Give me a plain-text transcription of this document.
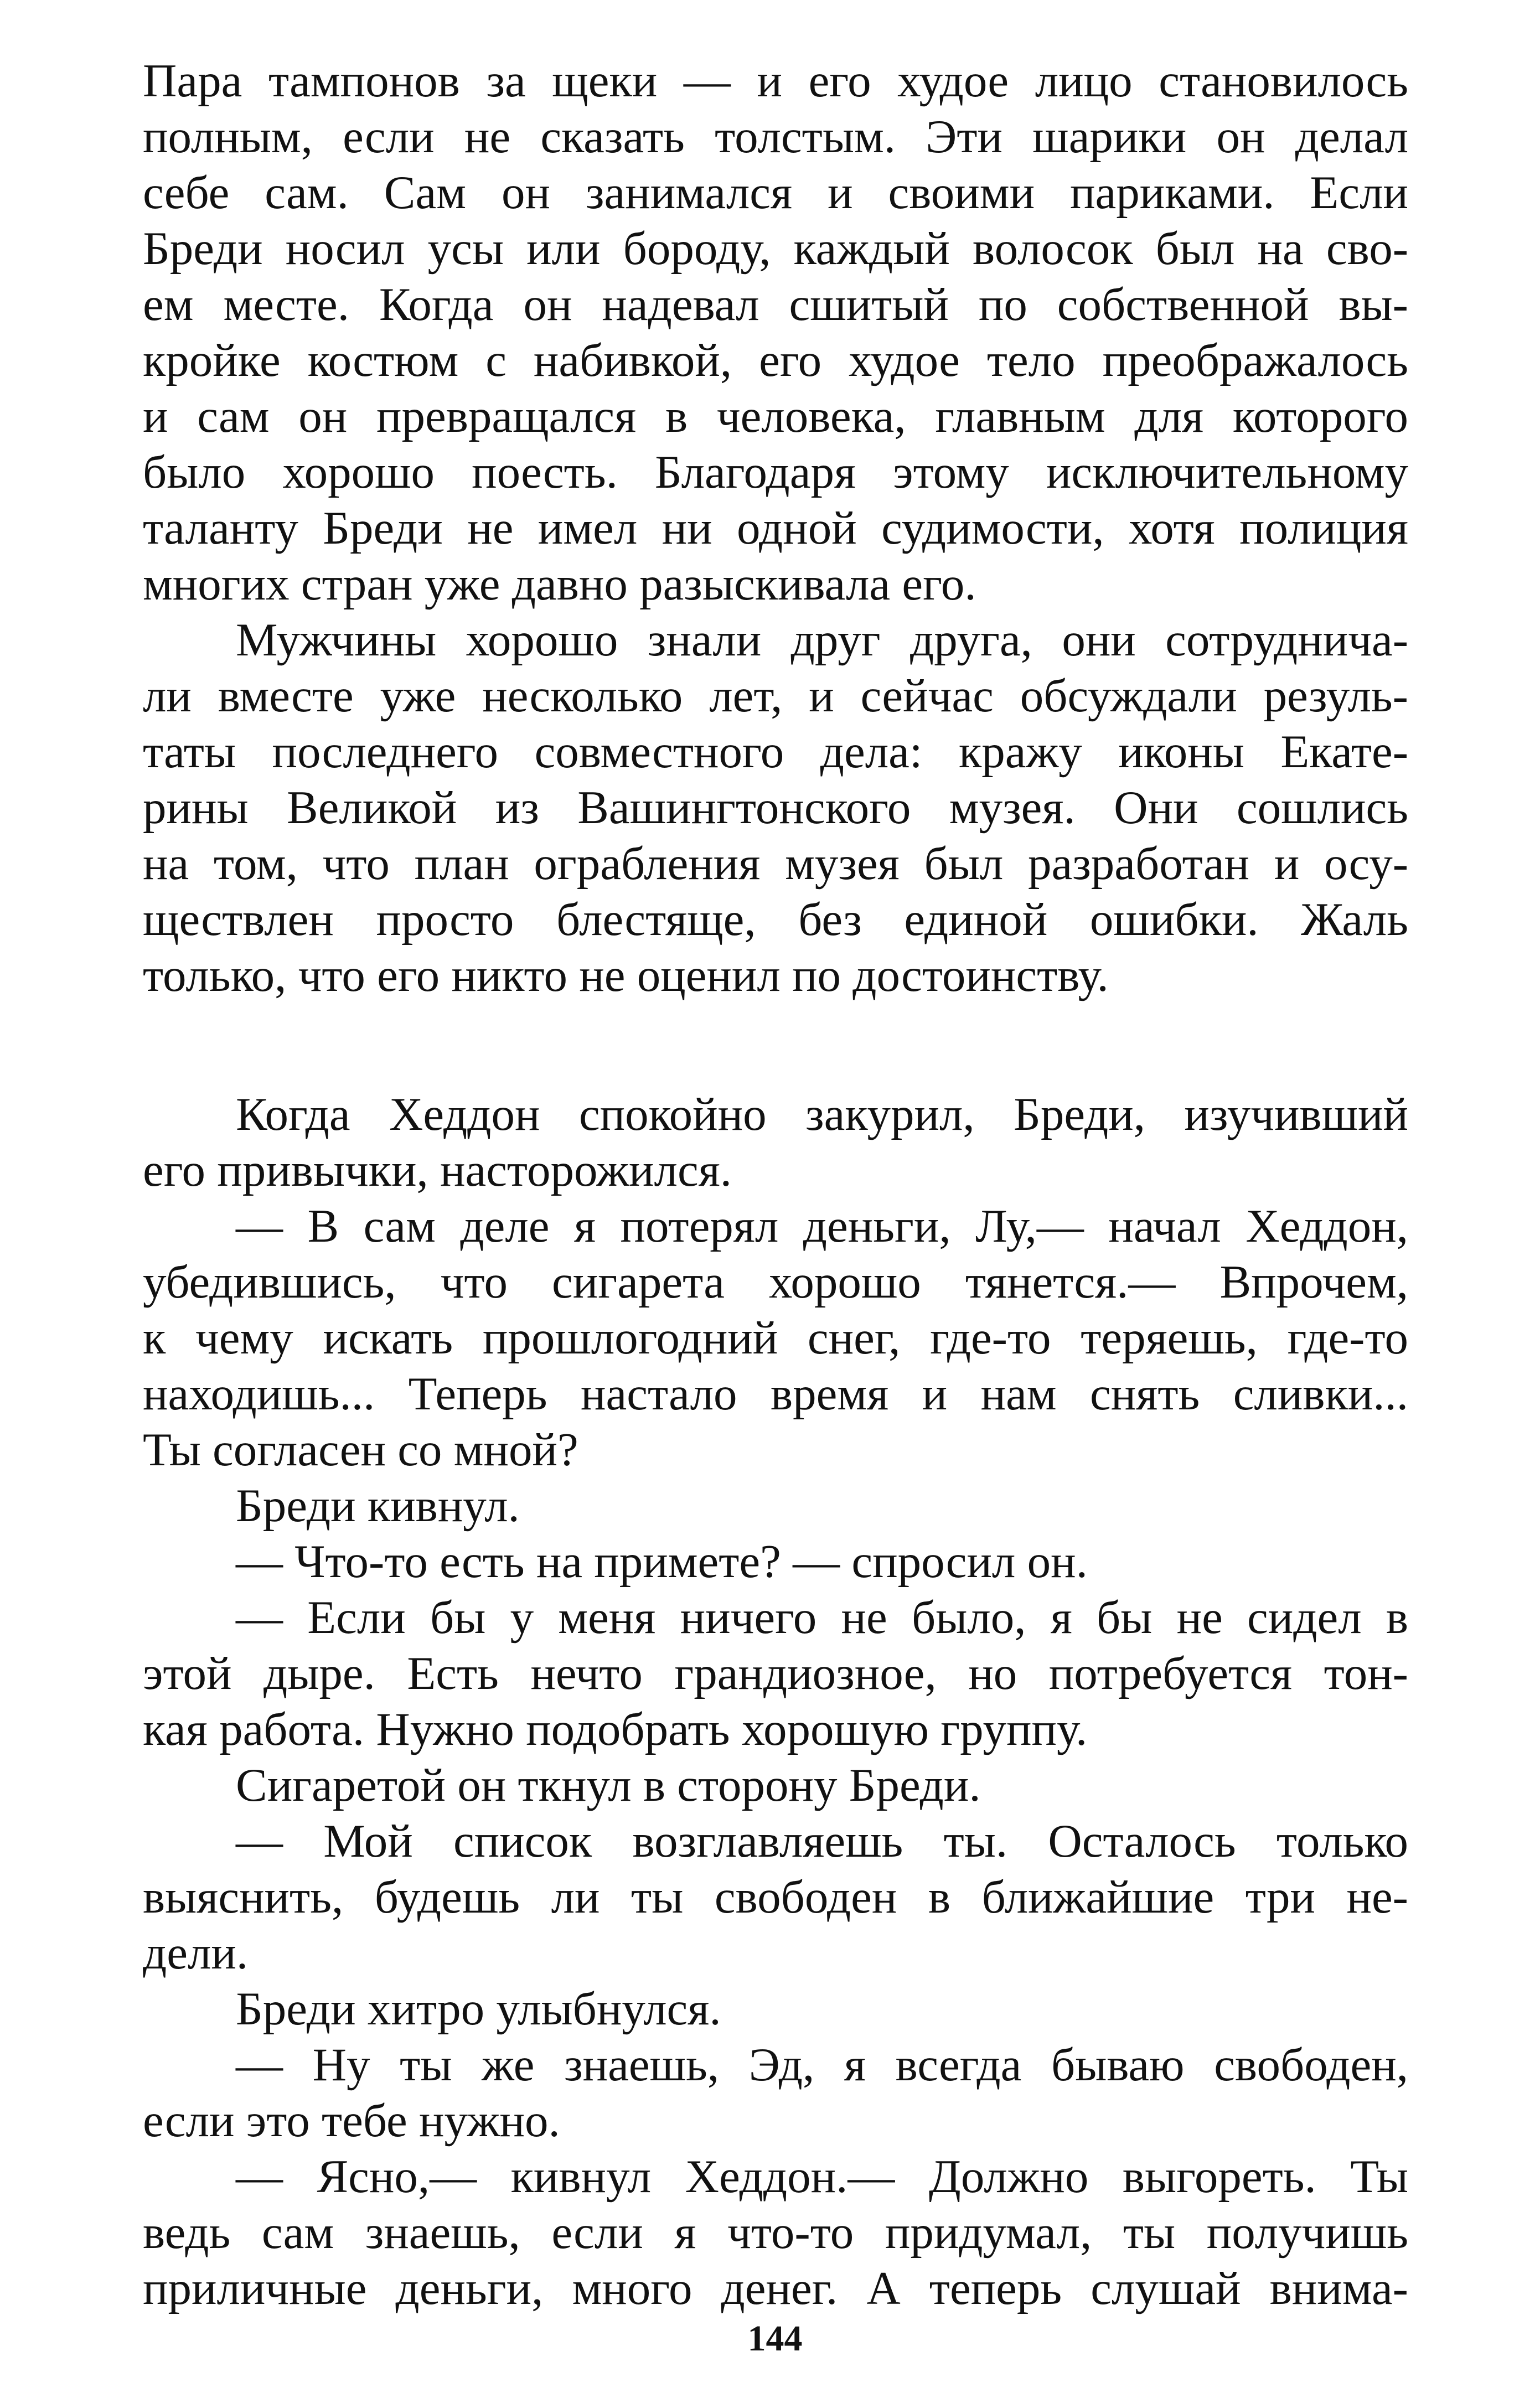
Пара тампонов за щеки — и его худое лицо становилось
полным, если не сказать толстым. Эти шарики он делал
себе сам. Сам он занимался и своими париками. Если
Бреди носил усы или бороду, каждый волосок был на сво-
ем месте. Когда он надевал сшитый по собственной вы-
кройке костюм с набивкой, его худое тело преображалось
и сам он превращался в человека, главным для которого
было хорошо поесть. Благодаря этому исключительному
таланту Бреди не имел ни одной судимости, хотя полиция
многих стран уже давно разыскивала его.

Мужчины хорошо знали друг друга, они сотруднича-
ли вместе уже несколько лет, и сейчас обсуждали резуль-
таты последнего совместного дела: кражу иконы Екате-
рины Великой из Вашингтонского музея. Они сошлись
на том, что план ограбления музея был разработан и осу-
ществлен просто блестяще, без единой ошибки. Жаль
только, что его никто не оценил по достоинству.

Когда Хеддон спокойно закурил, Бреди, изучивший
его привычки, насторожился.

— В сам деле я потерял деньги, Лу,— начал Хеддон,
убедившись, что сигарета хорошо тянется.— Впрочем,
к чему искать прошлогодний снег, где-то теряешь, где-то
находишь... Теперь настало время и нам снять сливки...
Ты согласен со мной?

Бреди кивнул.

— Что-то есть на примете? — спросил он.

— Если бы у меня ничего не было, я бы не сидел в
этой дыре. Есть нечто грандиозное, но потребуется тон-
кая работа. Нужно подобрать хорошую группу.

Сигаретой он ткнул в сторону Бреди.

— Мой список возглавляешь ты. Осталось только
выяснить, будешь ли ты свободен в ближайшие три не-
дели.

Бреди хитро улыбнулся.

— Ну ты же знаешь, Эд, я всегда бываю свободен,
если это тебе нужно.

— Ясно,— кивнул Хеддон.— Должно выгореть. Ты
ведь сам знаешь, если я что-то придумал, ты получишь
приличные деньги, много денег. А теперь слушай внима-

144
